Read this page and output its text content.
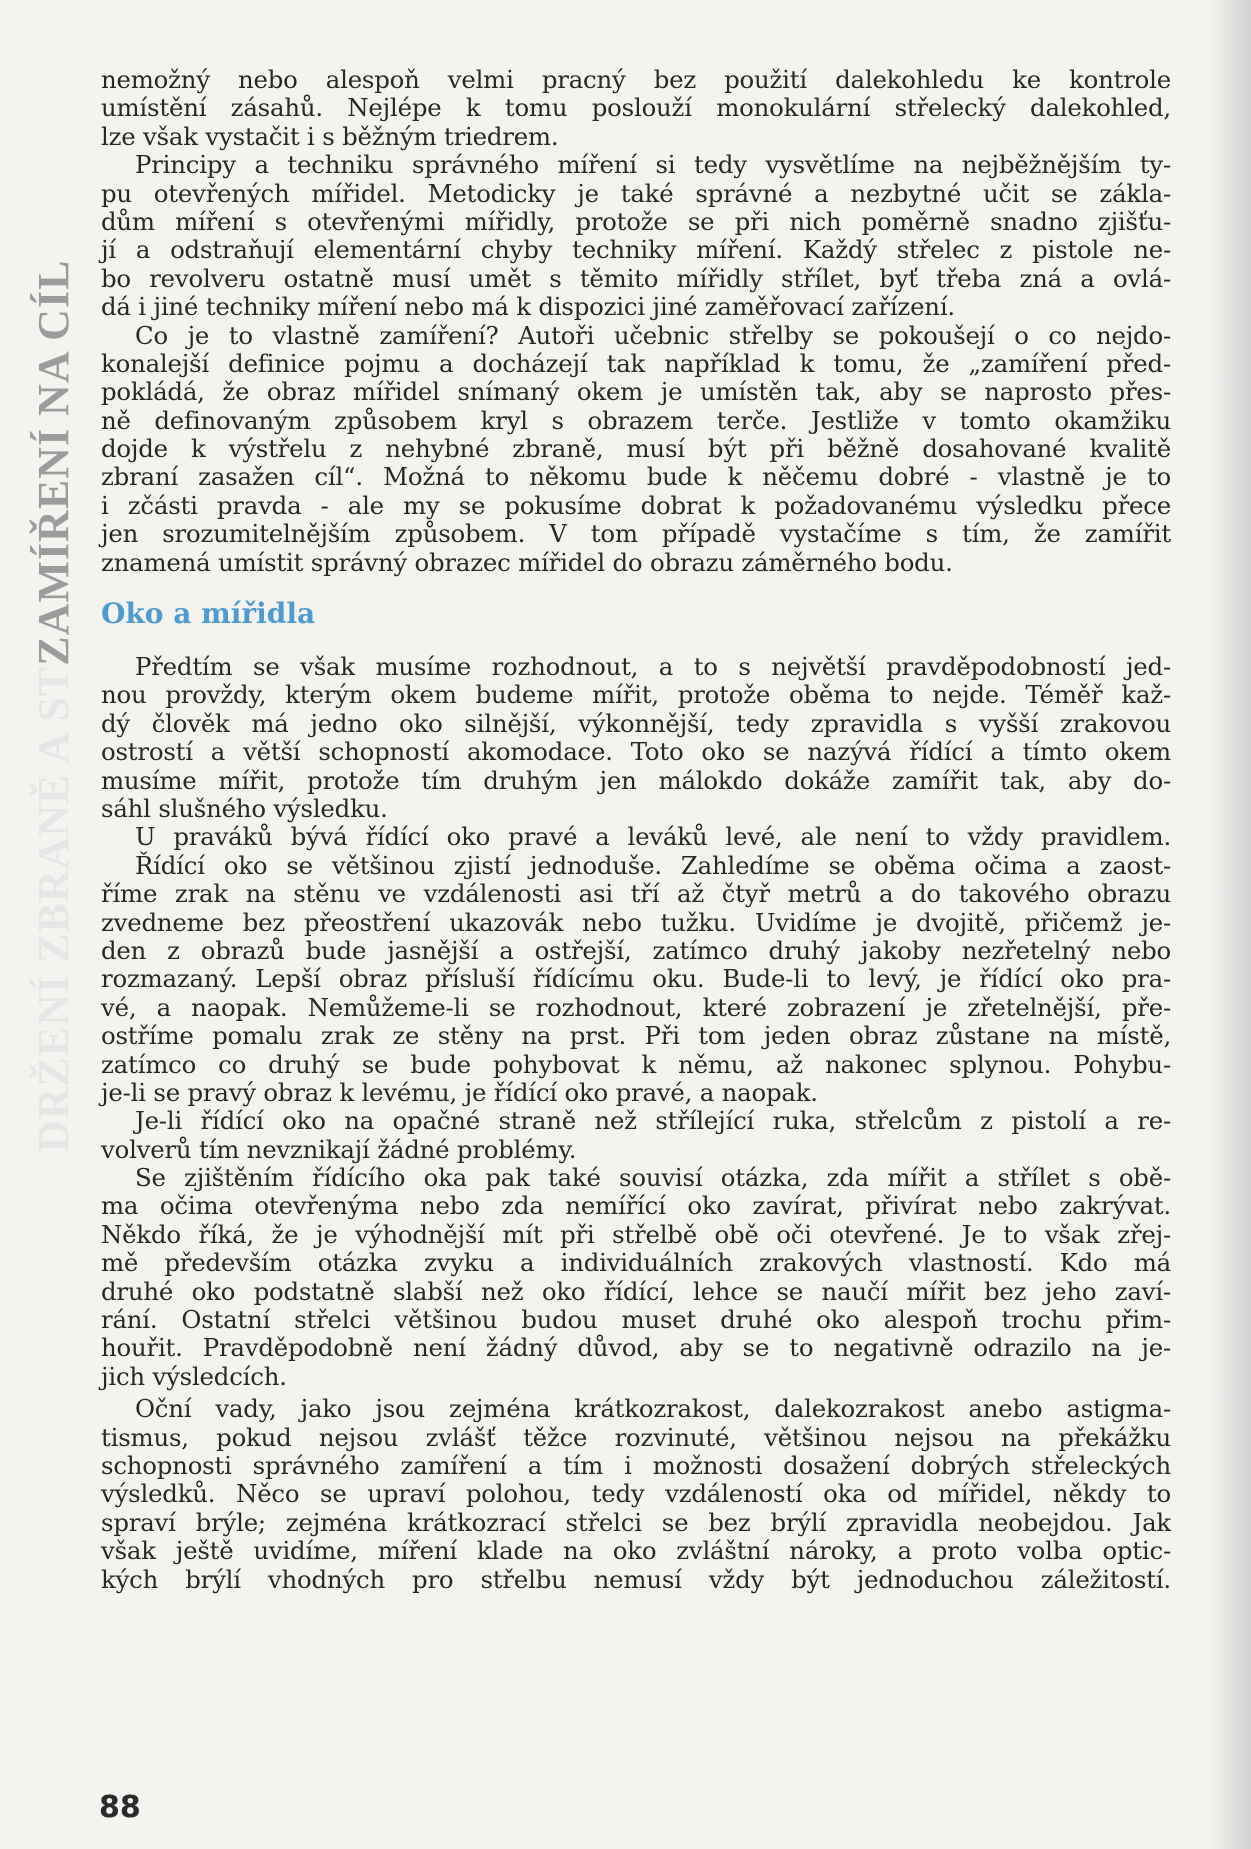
DRŽENÍ ZBRANĚ A ST
ZAMÍŘENÍ NA CÍL
nemožný nebo alespoň velmi pracný bez použití dalekohledu ke kontrole
umístění zásahů. Nejlépe k tomu poslouží monokulární střelecký dalekohled,
lze však vystačit i s běžným triedrem.
Principy a techniku správného míření si tedy vysvětlíme na nejběžnějším ty-
pu otevřených mířidel. Metodicky je také správné a nezbytné učit se zákla-
dům míření s otevřenými mířidly, protože se při nich poměrně snadno zjišťu-
jí a odstraňují elementární chyby techniky míření. Každý střelec z pistole ne-
bo revolveru ostatně musí umět s těmito mířidly střílet, byť třeba zná a ovlá-
dá i jiné techniky míření nebo má k dispozici jiné zaměřovací zařízení.
Co je to vlastně zamíření? Autoři učebnic střelby se pokoušejí o co nejdo-
konalejší definice pojmu a docházejí tak například k tomu, že „zamíření před-
pokládá, že obraz mířidel snímaný okem je umístěn tak, aby se naprosto přes-
ně definovaným způsobem kryl s obrazem terče. Jestliže v tomto okamžiku
dojde k výstřelu z nehybné zbraně, musí být při běžně dosahované kvalitě
zbraní zasažen cíl“. Možná to někomu bude k něčemu dobré - vlastně je to
i zčásti pravda - ale my se pokusíme dobrat k požadovanému výsledku přece
jen srozumitelnějším způsobem. V tom případě vystačíme s tím, že zamířit
znamená umístit správný obrazec mířidel do obrazu záměrného bodu.
Oko a mířidla
Předtím se však musíme rozhodnout, a to s největší pravděpodobností jed-
nou provždy, kterým okem budeme mířit, protože oběma to nejde. Téměř kaž-
dý člověk má jedno oko silnější, výkonnější, tedy zpravidla s vyšší zrakovou
ostrostí a větší schopností akomodace. Toto oko se nazývá řídící a tímto okem
musíme mířit, protože tím druhým jen málokdo dokáže zamířit tak, aby do-
sáhl slušného výsledku.
U praváků bývá řídící oko pravé a leváků levé, ale není to vždy pravidlem.
Řídící oko se většinou zjistí jednoduše. Zahledíme se oběma očima a zaost-
říme zrak na stěnu ve vzdálenosti asi tří až čtyř metrů a do takového obrazu
zvedneme bez přeostření ukazovák nebo tužku. Uvidíme je dvojitě, přičemž je-
den z obrazů bude jasnější a ostřejší, zatímco druhý jakoby nezřetelný nebo
rozmazaný. Lepší obraz přísluší řídícímu oku. Bude-li to levý, je řídící oko pra-
vé, a naopak. Nemůžeme-li se rozhodnout, které zobrazení je zřetelnější, pře-
ostříme pomalu zrak ze stěny na prst. Při tom jeden obraz zůstane na místě,
zatímco co druhý se bude pohybovat k němu, až nakonec splynou. Pohybu-
je-li se pravý obraz k levému, je řídící oko pravé, a naopak.
Je-li řídící oko na opačné straně než střílející ruka, střelcům z pistolí a re-
volverů tím nevznikají žádné problémy.
Se zjištěním řídícího oka pak také souvisí otázka, zda mířit a střílet s obě-
ma očima otevřenýma nebo zda nemířící oko zavírat, přivírat nebo zakrývat.
Někdo říká, že je výhodnější mít při střelbě obě oči otevřené. Je to však zřej-
mě především otázka zvyku a individuálních zrakových vlastností. Kdo má
druhé oko podstatně slabší než oko řídící, lehce se naučí mířit bez jeho zaví-
rání. Ostatní střelci většinou budou muset druhé oko alespoň trochu přim-
houřit. Pravděpodobně není žádný důvod, aby se to negativně odrazilo na je-
jich výsledcích.
Oční vady, jako jsou zejména krátkozrakost, dalekozrakost anebo astigma-
tismus, pokud nejsou zvlášť těžce rozvinuté, většinou nejsou na překážku
schopnosti správného zamíření a tím i možnosti dosažení dobrých střeleckých
výsledků. Něco se upraví polohou, tedy vzdáleností oka od mířidel, někdy to
spraví brýle; zejména krátkozrací střelci se bez brýlí zpravidla neobejdou. Jak
však ještě uvidíme, míření klade na oko zvláštní nároky, a proto volba optic-
kých brýlí vhodných pro střelbu nemusí vždy být jednoduchou záležitostí.
88
